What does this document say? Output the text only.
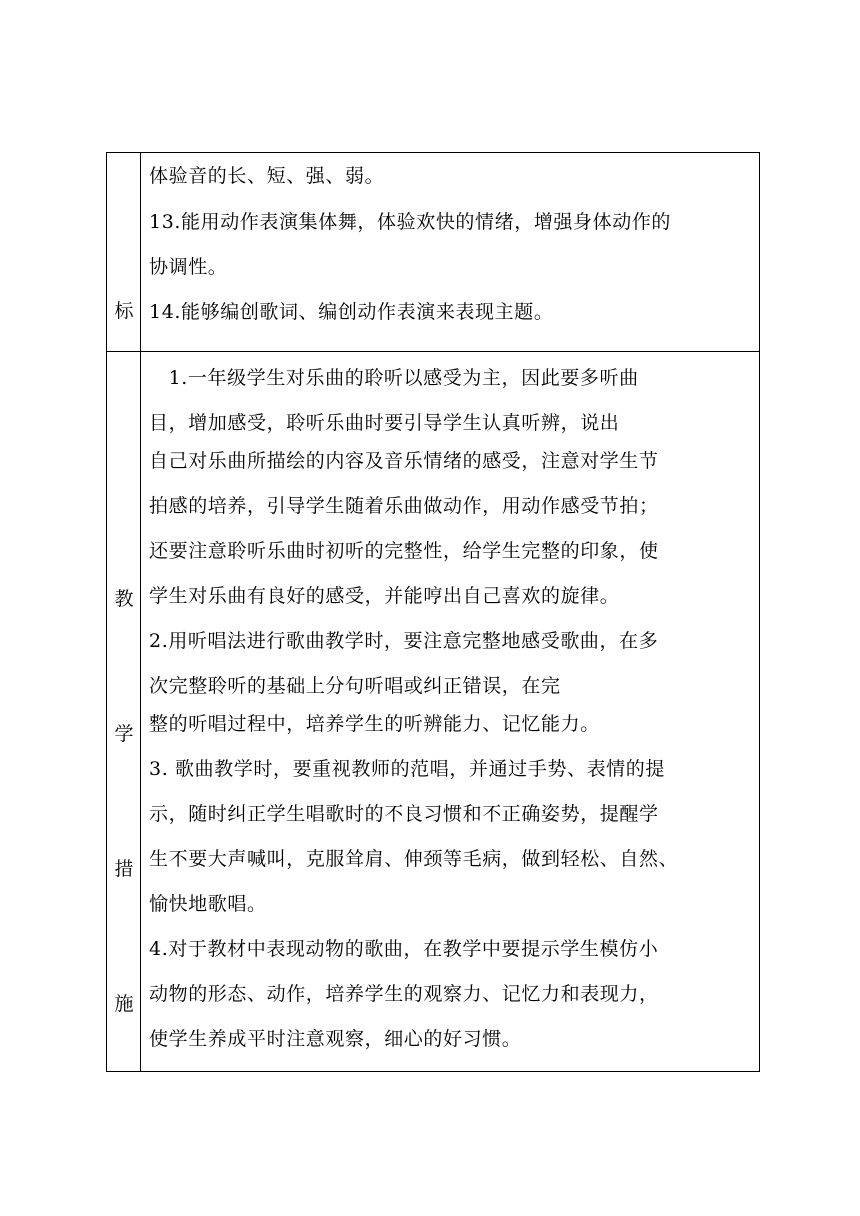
标
体验音的长、短、强、弱。
13.能用动作表演集体舞，体验欢快的情绪，增强身体动作的
协调性。
14.能够编创歌词、编创动作表演来表现主题。
教
学
措
施
　1.一年级学生对乐曲的聆听以感受为主，因此要多听曲
目，增加感受，聆听乐曲时要引导学生认真听辨，说出
自己对乐曲所描绘的内容及音乐情绪的感受，注意对学生节
拍感的培养，引导学生随着乐曲做动作，用动作感受节拍；
还要注意聆听乐曲时初听的完整性，给学生完整的印象，使
学生对乐曲有良好的感受，并能哼出自己喜欢的旋律。
2.用听唱法进行歌曲教学时，要注意完整地感受歌曲，在多
次完整聆听的基础上分句听唱或纠正错误，在完
整的听唱过程中，培养学生的听辨能力、记忆能力。
3. 歌曲教学时，要重视教师的范唱，并通过手势、表情的提
示，随时纠正学生唱歌时的不良习惯和不正确姿势，提醒学
生不要大声喊叫，克服耸肩、伸颈等毛病，做到轻松、自然、
愉快地歌唱。
4.对于教材中表现动物的歌曲，在教学中要提示学生模仿小
动物的形态、动作，培养学生的观察力、记忆力和表现力，
使学生养成平时注意观察，细心的好习惯。
